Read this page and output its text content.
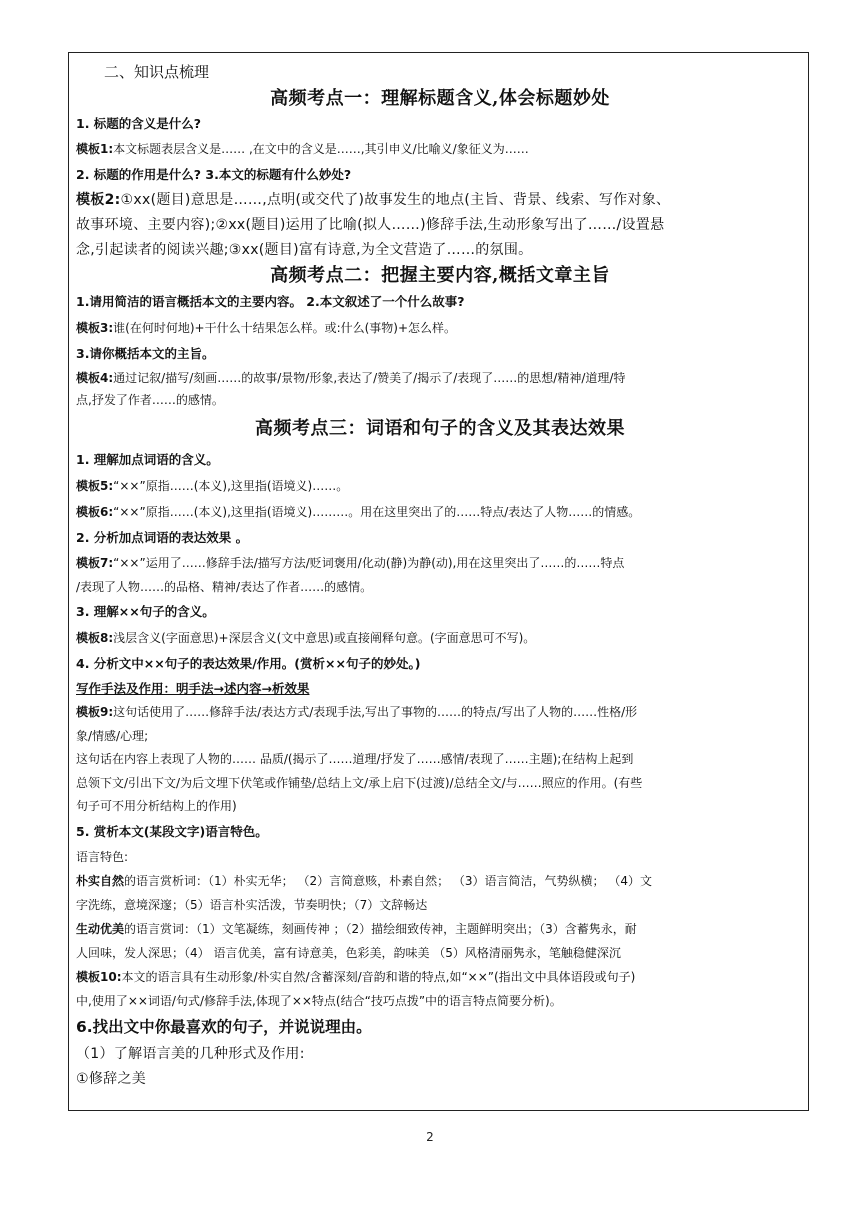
二、知识点梳理
高频考点一：理解标题含义,体会标题妙处
1. 标题的含义是什么?
模板1:本文标题表层含义是…… ,在文中的含义是……,其引申义/比喻义/象征义为……
2. 标题的作用是什么? 3.本文的标题有什么妙处?
模板2:①xx(题目)意思是……,点明(或交代了)故事发生的地点(主旨、背景、线索、写作对象、
故事环境、主要内容);②xx(题目)运用了比喻(拟人……)修辞手法,生动形象写出了……/设置悬
念,引起读者的阅读兴趣;③xx(题目)富有诗意,为全文营造了……的氛围。
高频考点二：把握主要内容,概括文章主旨
1.请用简洁的语言概括本文的主要内容。 2.本文叙述了一个什么故事?
模板3:谁(在何时何地)+干什么十结果怎么样。或:什么(事物)+怎么样。
3.请你概括本文的主旨。
模板4:通过记叙/描写/刻画……的故事/景物/形象,表达了/赞美了/揭示了/表现了……的思想/精神/道理/特
点,抒发了作者……的感情。
高频考点三：词语和句子的含义及其表达效果
1. 理解加点词语的含义。
模板5:“××”原指……(本义),这里指(语境义)……。
模板6:“××”原指……(本义),这里指(语境义)………。用在这里突出了的……特点/表达了人物……的情感。
2. 分析加点词语的表达效果 。
模板7:“××”运用了……修辞手法/描写方法/贬词褒用/化动(静)为静(动),用在这里突出了……的……特点
/表现了人物……的品格、精神/表达了作者……的感情。
3. 理解××句子的含义。
模板8:浅层含义(字面意思)+深层含义(文中意思)或直接阐释句意。(字面意思可不写)。
4. 分析文中××句子的表达效果/作用。(赏析××句子的妙处。)
写作手法及作用：明手法→述内容→析效果
模板9:这句话使用了……修辞手法/表达方式/表现手法,写出了事物的……的特点/写出了人物的……性格/形
象/情感/心理;
这句话在内容上表现了人物的…… 品质/(揭示了……道理/抒发了……感情/表现了……主题);在结构上起到
总领下文/引出下文/为后文埋下伏笔或作铺垫/总结上文/承上启下(过渡)/总结全文/与……照应的作用。(有些
句子可不用分析结构上的作用)
5. 赏析本文(某段文字)语言特色。
语言特色:
朴实自然的语言赏析词：（1）朴实无华； （2）言简意赅，朴素自然； （3）语言简洁，气势纵横； （4）文
字洗练，意境深邃；（5）语言朴实活泼，节奏明快；（7）文辞畅达
生动优美的语言赏词：（1）文笔凝练，刻画传神 ；（2）描绘细致传神，主题鲜明突出；（3）含蓄隽永，耐
人回味，发人深思；（4） 语言优美，富有诗意美，色彩美，韵味美 （5）风格清丽隽永，笔触稳健深沉
模板10:本文的语言具有生动形象/朴实自然/含蓄深刻/音韵和谐的特点,如“××”(指出文中具体语段或句子)
中,使用了××词语/句式/修辞手法,体现了××特点(结合“技巧点拨”中的语言特点简要分析)。
6.找出文中你最喜欢的句子，并说说理由。
（1）了解语言美的几种形式及作用:
①修辞之美
2
